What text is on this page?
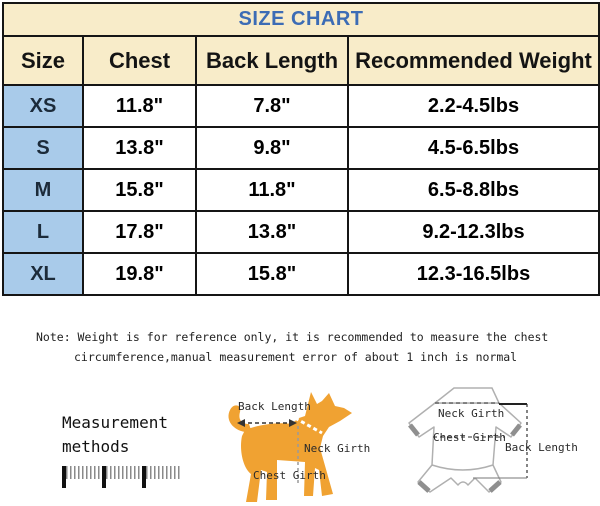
SIZE CHART			
Size	Chest	Back Length	Recommended Weight
XS	11.8"	7.8"	2.2-4.5lbs
S	13.8"	9.8"	4.5-6.5lbs
M	15.8"	11.8"	6.5-8.8lbs
L	17.8"	13.8"	9.2-12.3lbs
XL	19.8"	15.8"	12.3-16.5lbs
Note: Weight is for reference only, it is recommended to measure the chest
circumference,manual measurement error of about 1 inch is normal
Measurement
methods
Back Length
Neck Girth
Chest Girth
Neck Girth
Chest Girth
Back Length
